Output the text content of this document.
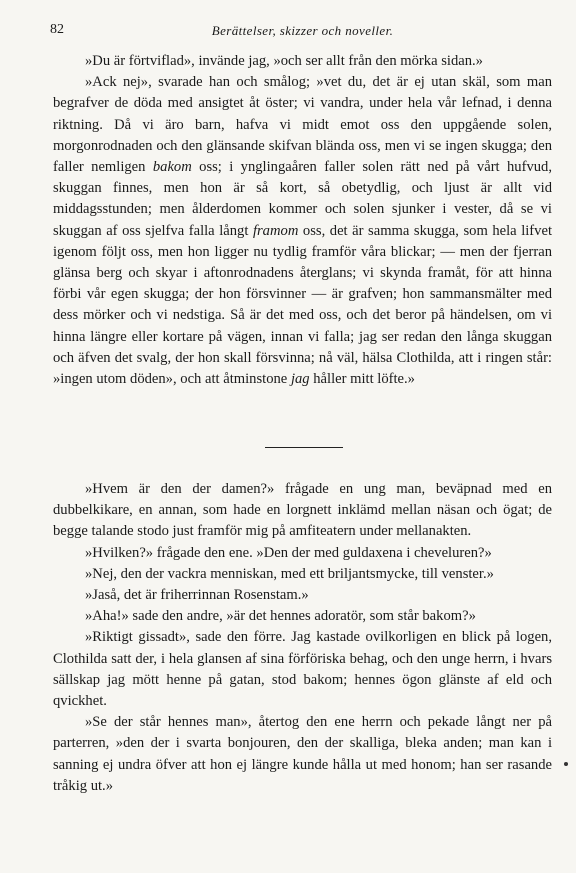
82	Berättelser, skizzer och noveller.

»Du är förtviflad», invände jag, »och ser allt från den mörka sidan.»

»Ack nej», svarade han och smålog; »vet du, det är ej utan skäl, som man begrafver de döda med ansigtet åt öster; vi vandra, under hela vår lefnad, i denna riktning. Då vi äro barn, hafva vi midt emot oss den uppgående solen, morgonrodnaden och den glänsande skifvan blända oss, men vi se ingen skugga; den faller nemligen bakom oss; i ynglingaåren faller solen rätt ned på vårt hufvud, skuggan finnes, men hon är så kort, så obetydlig, och ljust är allt vid middagsstunden; men ålderdomen kommer och solen sjunker i vester, då se vi skuggan af oss sjelfva falla långt framom oss, det är samma skugga, som hela lifvet igenom följt oss, men hon ligger nu tydlig framför våra blickar; — men der fjerran glänsa berg och skyar i aftonrodnadens återglans; vi skynda framåt, för att hinna förbi vår egen skugga; der hon försvinner — är grafven; hon sammansmälter med dess mörker och vi nedstiga. Så är det med oss, och det beror på händelsen, om vi hinna längre eller kortare på vägen, innan vi falla; jag ser redan den långa skuggan och äfven det svalg, der hon skall försvinna; nå väl, hälsa Clothilda, att i ringen står: »ingen utom döden», och att åtminstone jag håller mitt löfte.»

»Hvem är den der damen?» frågade en ung man, beväpnad med en dubbelkikare, en annan, som hade en lorgnett inklämd mellan näsan och ögat; de begge talande stodo just framför mig på amfiteatern under mellanakten.

»Hvilken?» frågade den ene. »Den der med guldaxena i cheveluren?»

»Nej, den der vackra menniskan, med ett briljantsmycke, till venster.»

»Jaså, det är friherrinnan Rosenstam.»

»Aha!» sade den andre, »är det hennes adoratör, som står bakom?»

»Riktigt gissadt», sade den förre. Jag kastade ovilkorligen en blick på logen, Clothilda satt der, i hela glansen af sina förföriska behag, och den unge herrn, i hvars sällskap jag mött henne på gatan, stod bakom; hennes ögon glänste af eld och qvickhet.

»Se der står hennes man», återtog den ene herrn och pekade långt ner på parterren, »den der i svarta bonjouren, den der skalliga, bleka anden; man kan i sanning ej undra öfver att hon ej längre kunde hålla ut med honom; han ser rasande tråkig ut.»
